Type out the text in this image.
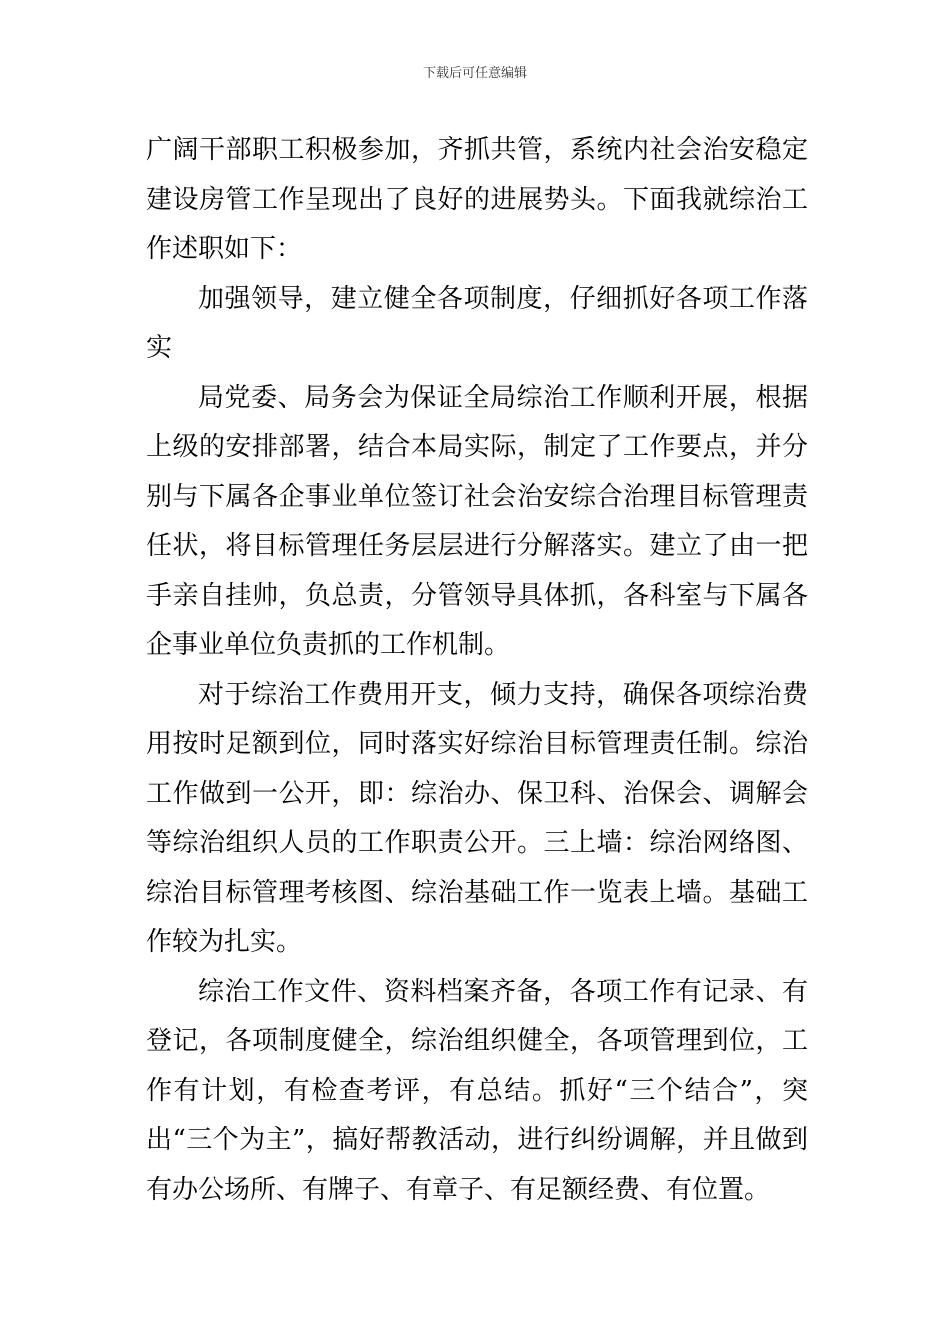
下载后可任意编辑

广阔干部职工积极参加，齐抓共管，系统内社会治安稳定建设房管工作呈现出了良好的进展势头。下面我就综治工作述职如下：

加强领导，建立健全各项制度，仔细抓好各项工作落实

局党委、局务会为保证全局综治工作顺利开展，根据上级的安排部署，结合本局实际，制定了工作要点，并分别与下属各企事业单位签订社会治安综合治理目标管理责任状，将目标管理任务层层进行分解落实。建立了由一把手亲自挂帅，负总责，分管领导具体抓，各科室与下属各企事业单位负责抓的工作机制。

对于综治工作费用开支，倾力支持，确保各项综治费用按时足额到位，同时落实好综治目标管理责任制。综治工作做到一公开，即：综治办、保卫科、治保会、调解会等综治组织人员的工作职责公开。三上墙：综治网络图、综治目标管理考核图、综治基础工作一览表上墙。基础工作较为扎实。

综治工作文件、资料档案齐备，各项工作有记录、有登记，各项制度健全，综治组织健全，各项管理到位，工作有计划，有检查考评，有总结。抓好“三个结合”，突出“三个为主”，搞好帮教活动，进行纠纷调解，并且做到有办公场所、有牌子、有章子、有足额经费、有位置。
